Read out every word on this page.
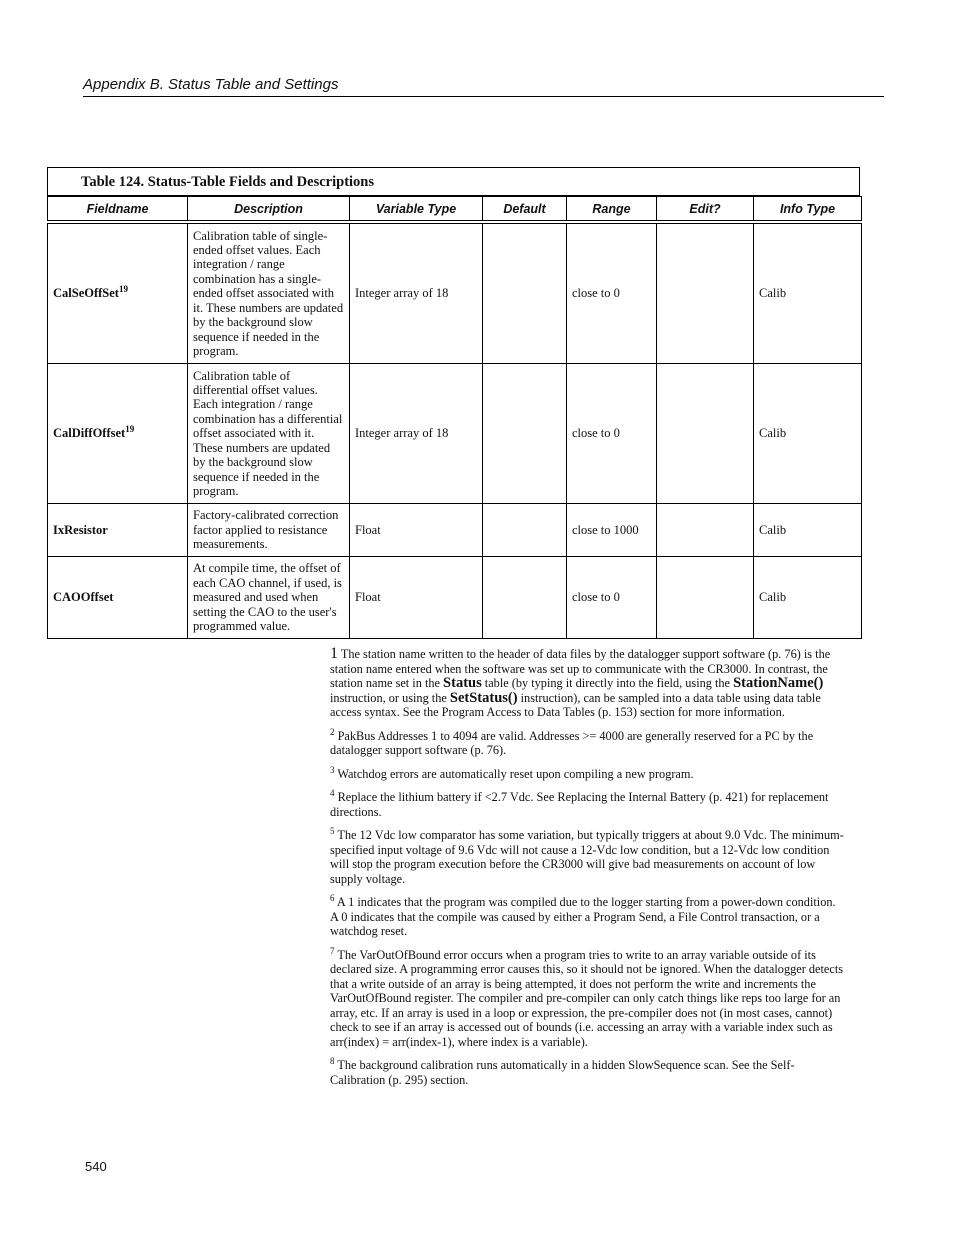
Appendix B. Status Table and Settings
Table 124. Status-Table Fields and Descriptions
Fieldname	Description	Variable Type	Default	Range	Edit?	Info Type

CalSeOffSet$^{19}$	Calibration table of single-ended offset values. Each integration / range combination has a single-ended offset associated with it. These numbers are updated by the background slow sequence if needed in the program.	Integer array of 18		close to 0		Calib
CalDiffOffset$^{19}$	Calibration table of differential offset values. Each integration / range combination has a differential offset associated with it. These numbers are updated by the background slow sequence if needed in the program.	Integer array of 18		close to 0		Calib
IxResistor	Factory-calibrated correction factor applied to resistance measurements.	Float		close to 1000		Calib
CAOOffset	At compile time, the offset of each CAO channel, if used, is measured and used when setting the CAO to the user's programmed value.	Float		close to 0		Calib

1 The station name written to the header of data files by the datalogger support software (p. 76) is the station name entered when the software was set up to communicate with the CR3000. In contrast, the station name set in the Status table (by typing it directly into the field, using the StationName() instruction, or using the SetStatus() instruction), can be sampled into a data table using data table access syntax. See the Program Access to Data Tables (p. 153) section for more information.

$^2$ PakBus Addresses 1 to 4094 are valid. Addresses >= 4000 are generally reserved for a PC by the datalogger support software (p. 76).

$^3$ Watchdog errors are automatically reset upon compiling a new program.

$^4$ Replace the lithium battery if <2.7 Vdc. See Replacing the Internal Battery (p. 421) for replacement directions.

$^5$ The 12 Vdc low comparator has some variation, but typically triggers at about 9.0 Vdc. The minimum-specified input voltage of 9.6 Vdc will not cause a 12-Vdc low condition, but a 12-Vdc low condition will stop the program execution before the CR3000 will give bad measurements on account of low supply voltage.

$^6$ A 1 indicates that the program was compiled due to the logger starting from a power-down condition. A 0 indicates that the compile was caused by either a Program Send, a File Control transaction, or a watchdog reset.

$^7$ The VarOutOfBound error occurs when a program tries to write to an array variable outside of its declared size. A programming error causes this, so it should not be ignored. When the datalogger detects that a write outside of an array is being attempted, it does not perform the write and increments the VarOutOfBound register. The compiler and pre-compiler can only catch things like reps too large for an array, etc. If an array is used in a loop or expression, the pre-compiler does not (in most cases, cannot) check to see if an array is accessed out of bounds (i.e. accessing an array with a variable index such as arr(index) = arr(index-1), where index is a variable).

$^8$ The background calibration runs automatically in a hidden SlowSequence scan. See the Self-Calibration (p. 295) section.

540
